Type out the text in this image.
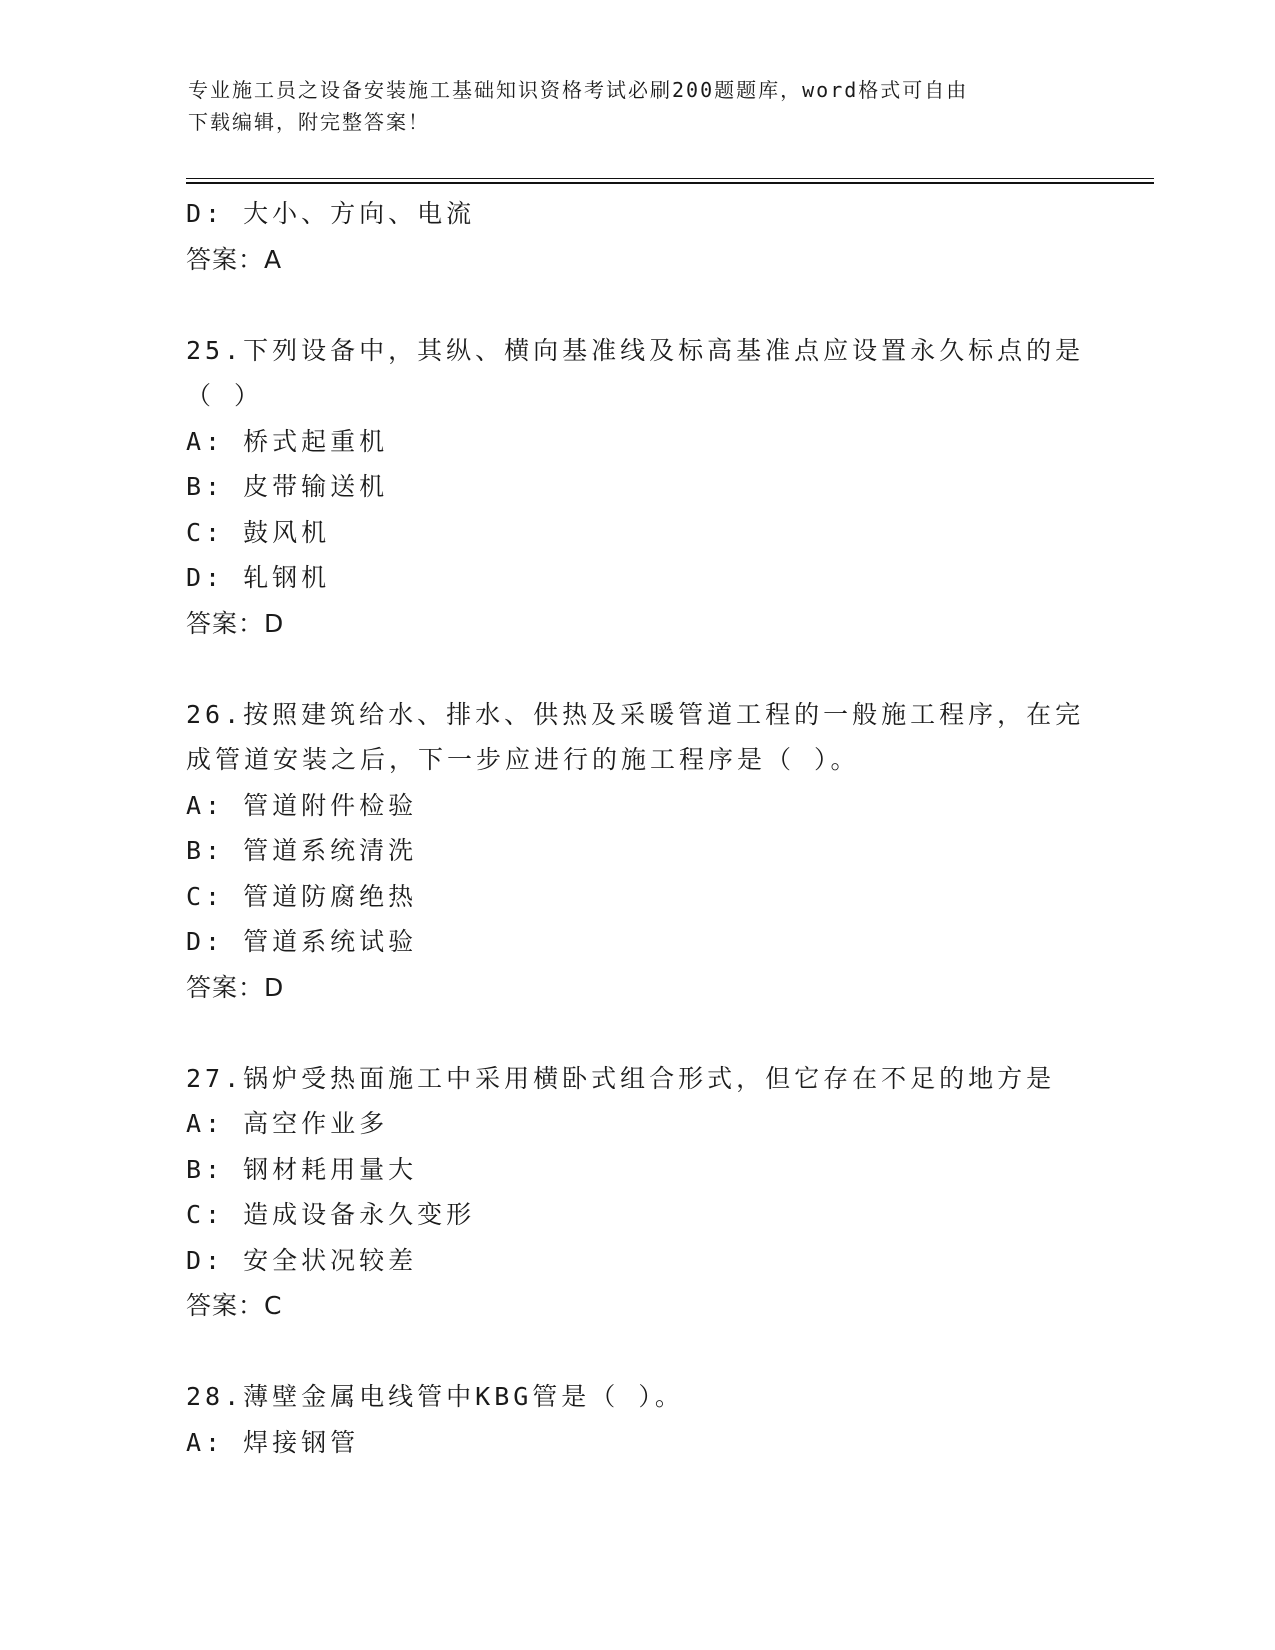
专业施工员之设备安装施工基础知识资格考试必刷200题题库，word格式可自由
下载编辑，附完整答案！
D: 大小、方向、电流
答案：A
25.下列设备中，其纵、横向基准线及标高基准点应设置永久标点的是
（ ）
A: 桥式起重机
B: 皮带输送机
C: 鼓风机
D: 轧钢机
答案：D
26.按照建筑给水、排水、供热及采暖管道工程的一般施工程序，在完
成管道安装之后，下一步应进行的施工程序是（ ）。
A: 管道附件检验
B: 管道系统清洗
C: 管道防腐绝热
D: 管道系统试验
答案：D
27.锅炉受热面施工中采用横卧式组合形式，但它存在不足的地方是
A: 高空作业多
B: 钢材耗用量大
C: 造成设备永久变形
D: 安全状况较差
答案：C
28.薄壁金属电线管中KBG管是（ ）。
A: 焊接钢管
